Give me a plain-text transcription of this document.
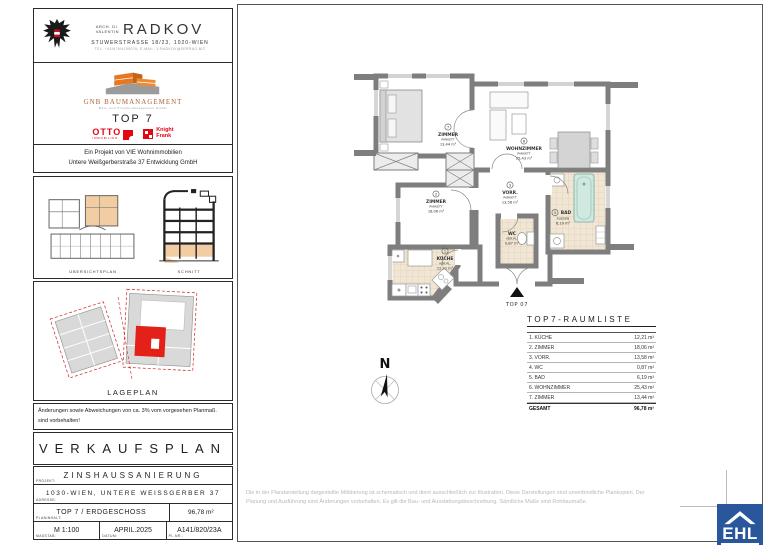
ARCH. DI
VALENTIN RADKOV
STUWERSTRASSE 18/23, 1020-WIEN
TEL: +43/676/4190076, E-MAIL: V.RADKOV@SERRAG.BIZ
GNB BAUMANAGEMENT
Bau- und Projektmanagement GmbH
TOP 7
OTTO
IMMOBILIEN
Knight
Frank
Ein Projekt von VIE Wohnimmobilien
Untere Weißgerberstraße 37 Entwicklung GmbH
ÜBERSICHTSPLAN	SCHNITT
LAGEPLAN
Änderungen sowie Abweichungen von ca. 3% vom vorgesehen Planmaß.
sind vorbehalten!
VERKAUFSPLAN
PROJEKT:
ZINSHAUSSANIERUNG
ADRESSE:
1030-WIEN, UNTERE WEISSGERBER 37
PLANINHALT:
TOP 7 / ERDGESCHOSS	96,78 m²
MASSTAB:
M 1:100
DATUM:
APRIL.2025
PL.NR.:
A141/820/23A
TOP 07
7
ZIMMER
PARKETT
13,44 m²
6
WOHNZIMMER
PARKETT
25,43 m²
2
ZIMMER
PARKETT
18,06 m²
3
VORR.
PARKETT
13,58 m²
WC
KER.PL.
0,87 m²
5 BAD
FLIESEN
6,19 m²
1
KÜCHE
KER.PL.
12,21 m²
N
TOP7-RAUMLISTE
1. KÜCHE	12,21 m²
2. ZIMMER	18,06 m²
3. VORR.	13,58 m²
4. WC	0,87 m²
5. BAD	6,19 m²
6. WOHNZIMMER	25,43 m²
7. ZIMMER	13,44 m²
GESAMT	96,78 m²
Die in der Plandarstellung dargestellte Möblierung ist schematisch und dient ausschließlich zur Illustration. Diese Darstellungen sind unverbindliche Plankopien. Der Planung und Ausführung sind Änderungen vorbehalten. Es gilt die Bau- und Ausstattungsbeschreibung. Sämtliche Maße sind Rohbaumaße.
EHL
